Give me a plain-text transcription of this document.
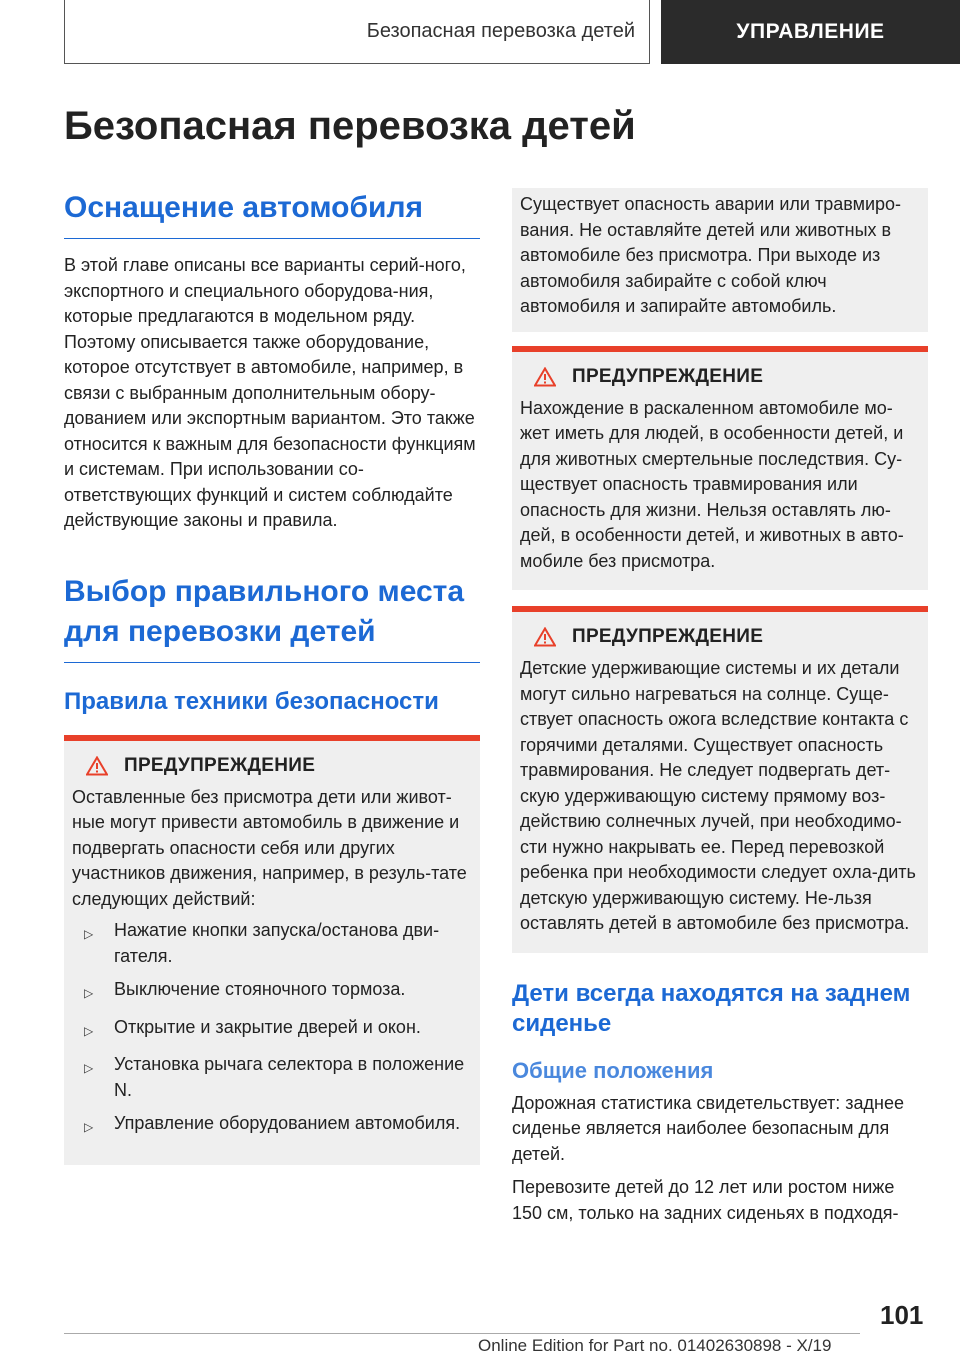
Безопасная перевозка детей	УПРАВЛЕНИЕ
Безопасная перевозка детей
Оснащение автомобиля

В этой главе описаны все варианты серий-ного, экспортного и специального оборудова-ния, которые предлагаются в модельном ряду. Поэтому описывается также оборудование, которое отсутствует в автомобиле, например, в связи с выбранным дополнительным обору-дованием или экспортным вариантом. Это также относится к важным для безопасности функциям и системам. При использовании со-ответствующих функций и систем соблюдайте действующие законы и правила.

Выбор правильного места для перевозки детей
Правила техники безопасности
ПРЕДУПРЕЖДЕНИЕ

Оставленные без присмотра дети или живот-ные могут привести автомобиль в движение и подвергать опасности себя или других участников движения, например, в резуль-тате следующих действий:

▷	Нажатие кнопки запуска/останова дви-гателя.
▷	Выключение стояночного тормоза.
▷	Открытие и закрытие дверей и окон.
▷	Установка рычага селектора в положение N.
▷	Управление оборудованием автомобиля.

Существует опасность аварии или травмиро-вания. Не оставляйте детей или животных в автомобиле без присмотра. При выходе из автомобиля забирайте с собой ключ автомобиля и запирайте автомобиль.

ПРЕДУПРЕЖДЕНИЕ

Нахождение в раскаленном автомобиле мо-жет иметь для людей, в особенности детей, и для животных смертельные последствия. Су-ществует опасность травмирования или опасность для жизни. Нельзя оставлять лю-дей, в особенности детей, и животных в авто-мобиле без присмотра.

ПРЕДУПРЕЖДЕНИЕ

Детские удерживающие системы и их детали могут сильно нагреваться на солнце. Суще-ствует опасность ожога вследствие контакта с горячими деталями. Существует опасность травмирования. Не следует подвергать дет-скую удерживающую систему прямому воз-действию солнечных лучей, при необходимо-сти нужно накрывать ее. Перед перевозкой ребенка при необходимости следует охла-дить детскую удерживающую систему. Не-льзя оставлять детей в автомобиле без присмотра.

Дети всегда находятся на заднем сиденье
Общие положения

Дорожная статистика свидетельствует: заднее сиденье является наиболее безопасным для детей.

Перевозите детей до 12 лет или ростом ниже 150 см, только на задних сиденьях в подходя-

101
Online Edition for Part no. 01402630898 - X/19
